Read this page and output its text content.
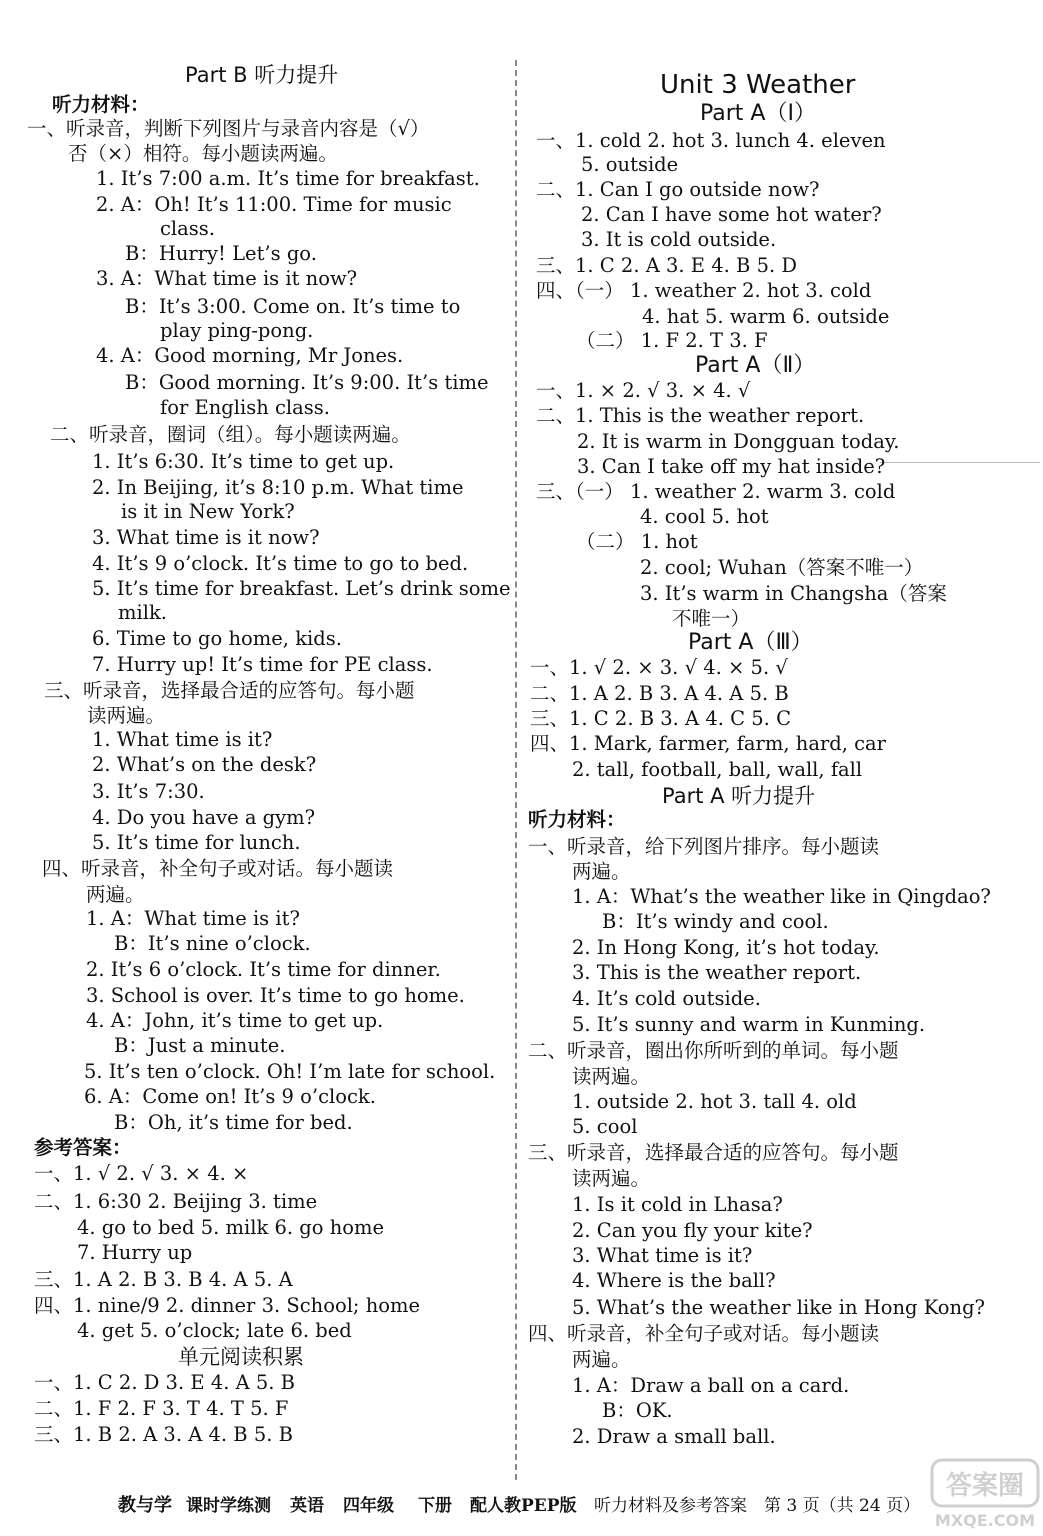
Part B 听力提升
听力材料：
一、听录音，判断下列图片与录音内容是（√）
否（×）相符。每小题读两遍。
1. It’s 7:00 a.m. It’s time for breakfast.
2. A：Oh! It’s 11:00. Time for music
class.
B：Hurry! Let’s go.
3. A：What time is it now?
B：It’s 3:00. Come on. It’s time to
play ping-pong.
4. A：Good morning, Mr Jones.
B：Good morning. It’s 9:00. It’s time
for English class.
二、听录音，圈词（组）。每小题读两遍。
1. It’s 6:30. It’s time to get up.
2. In Beijing, it’s 8:10 p.m. What time
is it in New York?
3. What time is it now?
4. It’s 9 o’clock. It’s time to go to bed.
5. It’s time for breakfast. Let’s drink some
milk.
6. Time to go home, kids.
7. Hurry up! It’s time for PE class.
三、听录音，选择最合适的应答句。每小题
读两遍。
1. What time is it?
2. What’s on the desk?
3. It’s 7:30.
4. Do you have a gym?
5. It’s time for lunch.
四、听录音，补全句子或对话。每小题读
两遍。
1. A：What time is it?
B：It’s nine o’clock.
2. It’s 6 o’clock. It’s time for dinner.
3. School is over. It’s time to go home.
4. A：John, it’s time to get up.
B：Just a minute.
5. It’s ten o’clock. Oh! I’m late for school.
6. A：Come on! It’s 9 o’clock.
B：Oh, it’s time for bed.
参考答案：
一、1. √ 2. √ 3. × 4. ×
二、1. 6:30 2. Beijing 3. time
4. go to bed 5. milk 6. go home
7. Hurry up
三、1. A 2. B 3. B 4. A 5. A
四、1. nine/9 2. dinner 3. School; home
4. get 5. o’clock; late 6. bed
单元阅读积累
一、1. C 2. D 3. E 4. A 5. B
二、1. F 2. F 3. T 4. T 5. F
三、1. B 2. A 3. A 4. B 5. B
Unit 3 Weather
Part A（Ⅰ）
一、1. cold 2. hot 3. lunch 4. eleven
5. outside
二、1. Can I go outside now?
2. Can I have some hot water?
3. It is cold outside.
三、1. C 2. A 3. E 4. B 5. D
四、（一） 1. weather 2. hot 3. cold
4. hat 5. warm 6. outside
（二） 1. F 2. T 3. F
Part A（Ⅱ）
一、1. × 2. √ 3. × 4. √
二、1. This is the weather report.
2. It is warm in Dongguan today.
3. Can I take off my hat inside?
三、（一） 1. weather 2. warm 3. cold
4. cool 5. hot
（二） 1. hot
2. cool; Wuhan（答案不唯一）
3. It’s warm in Changsha（答案
不唯一）
Part A（Ⅲ）
一、1. √ 2. × 3. √ 4. × 5. √
二、1. A 2. B 3. A 4. A 5. B
三、1. C 2. B 3. A 4. C 5. C
四、1. Mark, farmer, farm, hard, car
2. tall, football, ball, wall, fall
Part A 听力提升
听力材料：
一、听录音，给下列图片排序。每小题读
两遍。
1. A：What’s the weather like in Qingdao?
B：It’s windy and cool.
2. In Hong Kong, it’s hot today.
3. This is the weather report.
4. It’s cold outside.
5. It’s sunny and warm in Kunming.
二、听录音，圈出你所听到的单词。每小题
读两遍。
1. outside 2. hot 3. tall 4. old
5. cool
三、听录音，选择最合适的应答句。每小题
读两遍。
1. Is it cold in Lhasa?
2. Can you fly your kite?
3. What time is it?
4. Where is the ball?
5. What’s the weather like in Hong Kong?
四、听录音，补全句子或对话。每小题读
两遍。
1. A：Draw a ball on a card.
B：OK.
2. Draw a small ball.
教与学 课时学练测 英语 四年级 下册 配人教PEP版 听力材料及参考答案 第 3 页（共 24 页）
答案圈
MXQE.COM
